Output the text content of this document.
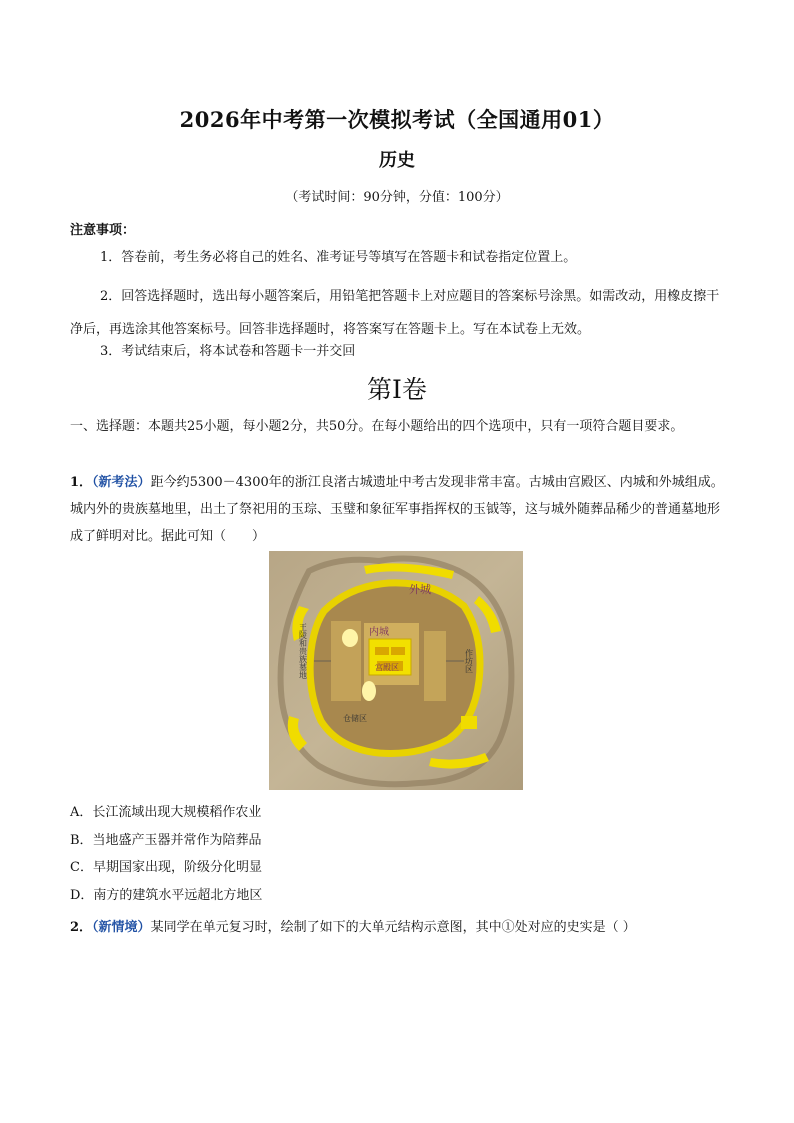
2026年中考第一次模拟考试（全国通用01）
历史
（考试时间：90分钟，分值：100分）
注意事项：
1．答卷前，考生务必将自己的姓名、准考证号等填写在答题卡和试卷指定位置上。
2．回答选择题时，选出每小题答案后，用铅笔把答题卡上对应题目的答案标号涂黑。如需改动，用橡皮擦干净后，再选涂其他答案标号。回答非选择题时，将答案写在答题卡上。写在本试卷上无效。
3．考试结束后，将本试卷和答题卡一并交回
第Ⅰ卷
一、选择题：本题共25小题，每小题2分，共50分。在每小题给出的四个选项中，只有一项符合题目要求。
1．（新考法）距今约5300－4300年的浙江良渚古城遗址中考古发现非常丰富。古城由宫殿区、内城和外城组成。城内外的贵族墓地里，出土了祭祀用的玉琮、玉璧和象征军事指挥权的玉钺等，这与城外随葬品稀少的普通墓地形成了鲜明对比。据此可知（　　）
外城
内城
宫殿区
仓储区
王陵和贵族墓地	作坊区
A．长江流域出现大规模稻作农业
B．当地盛产玉器并常作为陪葬品
C．早期国家出现，阶级分化明显
D．南方的建筑水平远超北方地区
2．（新情境）某同学在单元复习时，绘制了如下的大单元结构示意图，其中①处对应的史实是（ ）
